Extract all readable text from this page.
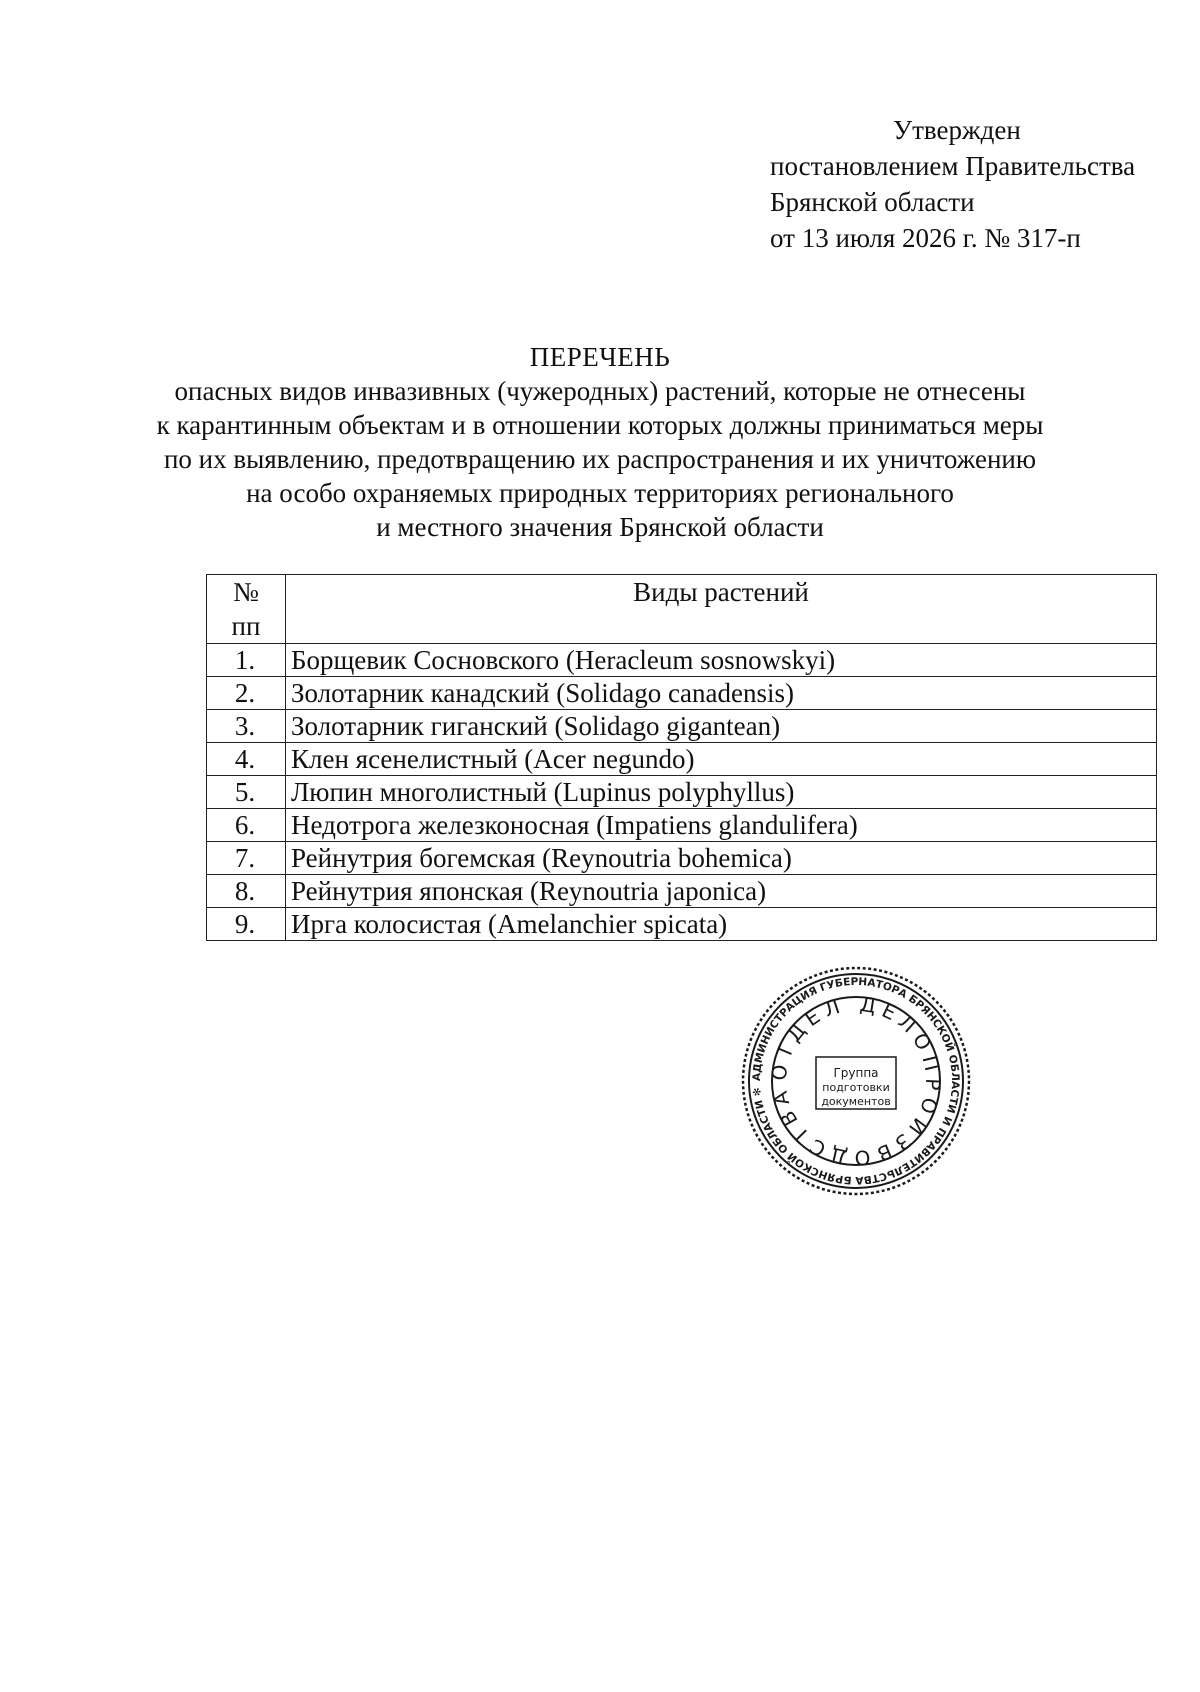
Утвержден
постановлением Правительства
Брянской области
от 13 июля 2026 г. № 317-п
ПЕРЕЧЕНЬ
опасных видов инвазивных (чужеродных) растений, которые не отнесены
к карантинным объектам и в отношении которых должны приниматься меры
по их выявлению, предотвращению их распространения и их уничтожению
на особо охраняемых природных территориях регионального
и местного значения Брянской области
№
пп	Виды растений
1.	Борщевик Сосновского (Heracleum sosnowskyi)
2.	Золотарник канадский (Solidago canadensis)
3.	Золотарник гиганский (Solidago gigantean)
4.	Клен ясенелистный (Acer negundo)
5.	Люпин многолистный (Lupinus polyphyllus)
6.	Недотрога железконосная (Impatiens glandulifera)
7.	Рейнутрия богемская (Reynoutria bohemica)
8.	Рейнутрия японская (Reynoutria japonica)
9.	Ирга колосистая (Amelanchier spicata)
АДМИНИСТРАЦИЯ ГУБЕРНАТОРА БРЯНСКОЙ ОБЛАСТИ И ПРАВИТЕЛЬСТВА БРЯНСКОЙ ОБЛАСТИ ✻
ОТДЕЛ ДЕЛОПРОИЗВОДСТВА
Группа
подготовки
документов
